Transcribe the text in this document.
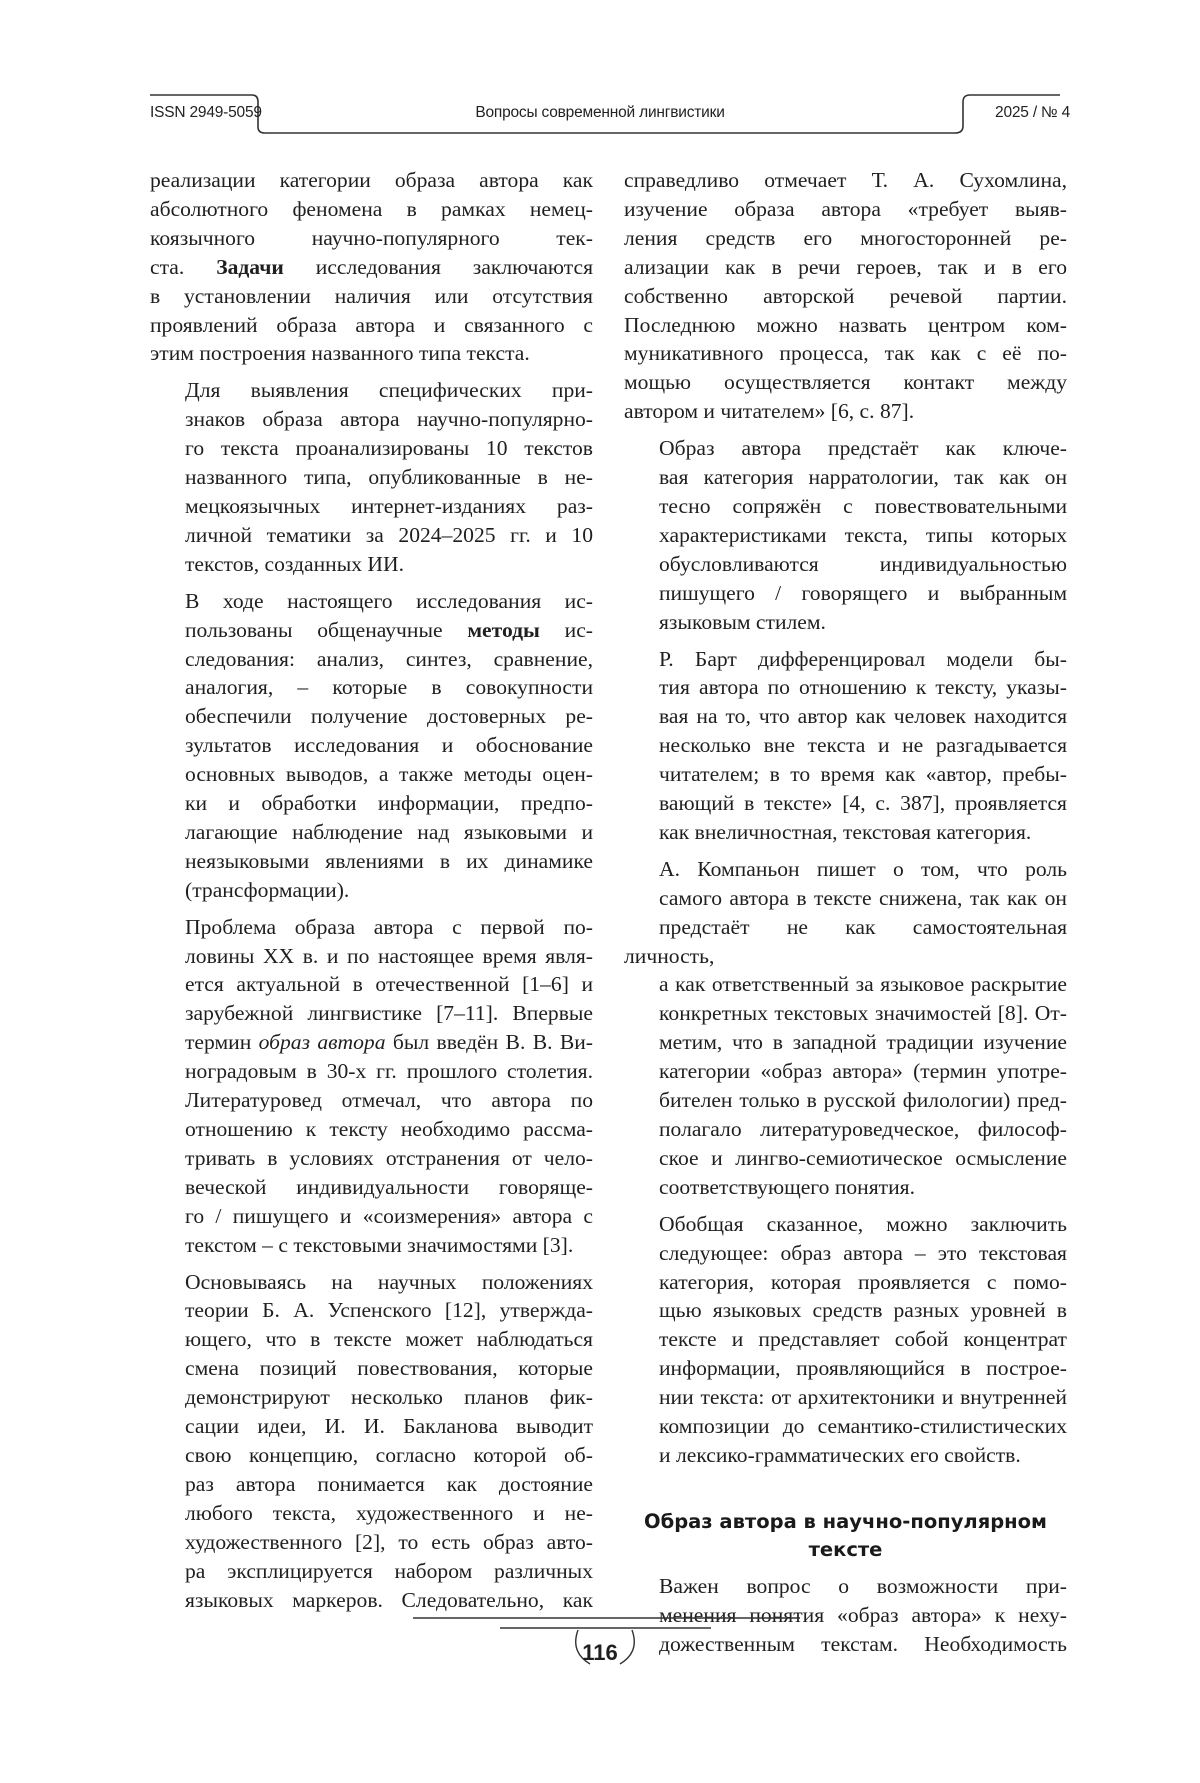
ISSN 2949-5059	Вопросы современной лингвистики	2025 / № 4

реализации категории образа автора как
абсолютного феномена в рамках немец-
коязычного научно-популярного тек-
ста. Задачи исследования заключаются
в установлении наличия или отсутствия
проявлений образа автора и связанного с
этим построения названного типа текста.

Для выявления специфических при-
знаков образа автора научно-популярно-
го текста проанализированы 10 текстов
названного типа, опубликованные в не-
мецкоязычных интернет-изданиях раз-
личной тематики за 2024–2025 гг. и 10
текстов, созданных ИИ.

В ходе настоящего исследования ис-
пользованы общенаучные методы ис-
следования: анализ, синтез, сравнение,
аналогия, – которые в совокупности
обеспечили получение достоверных ре-
зультатов исследования и обоснование
основных выводов, а также методы оцен-
ки и обработки информации, предпо-
лагающие наблюдение над языковыми и
неязыковыми явлениями в их динамике
(трансформации).

Проблема образа автора с первой по-
ловины XX в. и по настоящее время явля-
ется актуальной в отечественной [1–6] и
зарубежной лингвистике [7–11]. Впервые
термин образ автора был введён В. В. Ви-
ноградовым в 30-х гг. прошлого столетия.
Литературовед отмечал, что автора по
отношению к тексту необходимо рассма-
тривать в условиях отстранения от чело-
веческой индивидуальности говоряще-
го / пишущего и «соизмерения» автора с
текстом – с текстовыми значимостями [3].

Основываясь на научных положениях
теории Б. А. Успенского [12], утвержда-
ющего, что в тексте может наблюдаться
смена позиций повествования, которые
демонстрируют несколько планов фик-
сации идеи, И. И. Бакланова выводит
свою концепцию, согласно которой об-
раз автора понимается как достояние
любого текста, художественного и не-
художественного [2], то есть образ авто-
ра эксплицируется набором различных
языковых маркеров. Следовательно, как

справедливо отмечает Т. А. Сухомлина,
изучение образа автора «требует выяв-
ления средств его многосторонней ре-
ализации как в речи героев, так и в его
собственно авторской речевой партии.
Последнюю можно назвать центром ком-
муникативного процесса, так как с её по-
мощью осуществляется контакт между
автором и читателем» [6, с. 87].

Образ автора предстаёт как ключе-
вая категория нарратологии, так как он
тесно сопряжён с повествовательными
характеристиками текста, типы которых
обусловливаются индивидуальностью
пишущего / говорящего и выбранным
языковым стилем.

Р. Барт дифференцировал модели бы-
тия автора по отношению к тексту, указы-
вая на то, что автор как человек находится
несколько вне текста и не разгадывается
читателем; в то время как «автор, пребы-
вающий в тексте» [4, с. 387], проявляется
как внеличностная, текстовая категория.

А. Компаньон пишет о том, что роль
самого автора в тексте снижена, так как он
предстаёт не как самостоятельная личность,
а как ответственный за языковое раскрытие
конкретных текстовых значимостей [8]. От-
метим, что в западной традиции изучение
категории «образ автора» (термин употре-
бителен только в русской филологии) пред-
полагало литературоведческое, философ-
ское и лингво-семиотическое осмысление
соответствующего понятия.

Обобщая сказанное, можно заключить
следующее: образ автора – это текстовая
категория, которая проявляется с помо-
щью языковых средств разных уровней в
тексте и представляет собой концентрат
информации, проявляющийся в построе-
нии текста: от архитектоники и внутренней
композиции до семантико-стилистических
и лексико-грамматических его свойств.

Образ автора в научно-популярном
тексте

Важен вопрос о возможности при-
менения понятия «образ автора» к неху-
дожественным текстам. Необходимость

116
